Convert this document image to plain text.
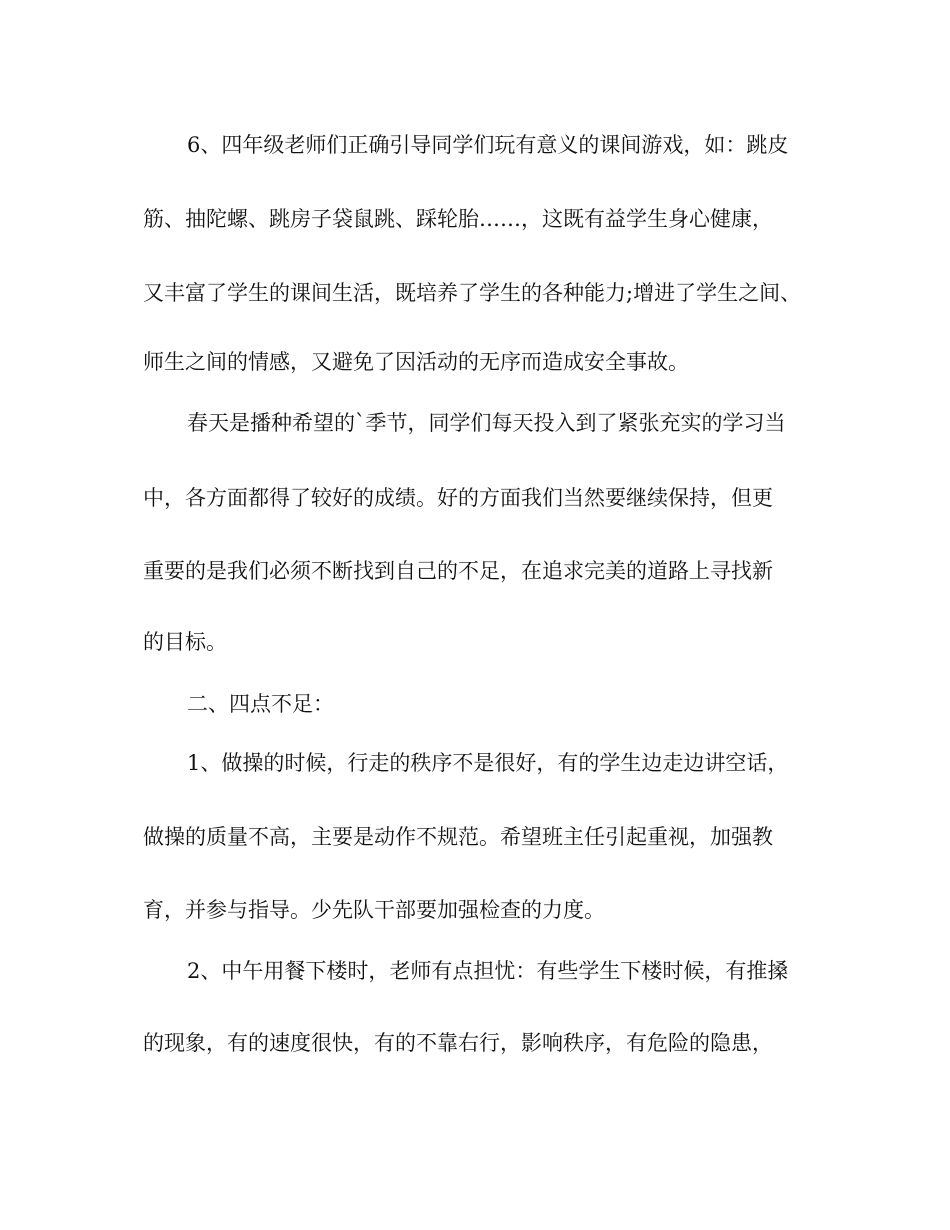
6、四年级老师们正确引导同学们玩有意义的课间游戏，如：跳皮

筋、抽陀螺、跳房子袋鼠跳、踩轮胎……，这既有益学生身心健康，

又丰富了学生的课间生活，既培养了学生的各种能力;增进了学生之间、

师生之间的情感，又避免了因活动的无序而造成安全事故。

春天是播种希望的`季节，同学们每天投入到了紧张充实的学习当

中，各方面都得了较好的成绩。好的方面我们当然要继续保持，但更

重要的是我们必须不断找到自己的不足，在追求完美的道路上寻找新

的目标。

二、四点不足：

1、做操的时候，行走的秩序不是很好，有的学生边走边讲空话，

做操的质量不高，主要是动作不规范。希望班主任引起重视，加强教

育，并参与指导。少先队干部要加强检查的力度。

2、中午用餐下楼时，老师有点担忧：有些学生下楼时候，有推搡

的现象，有的速度很快，有的不靠右行，影响秩序，有危险的隐患，
